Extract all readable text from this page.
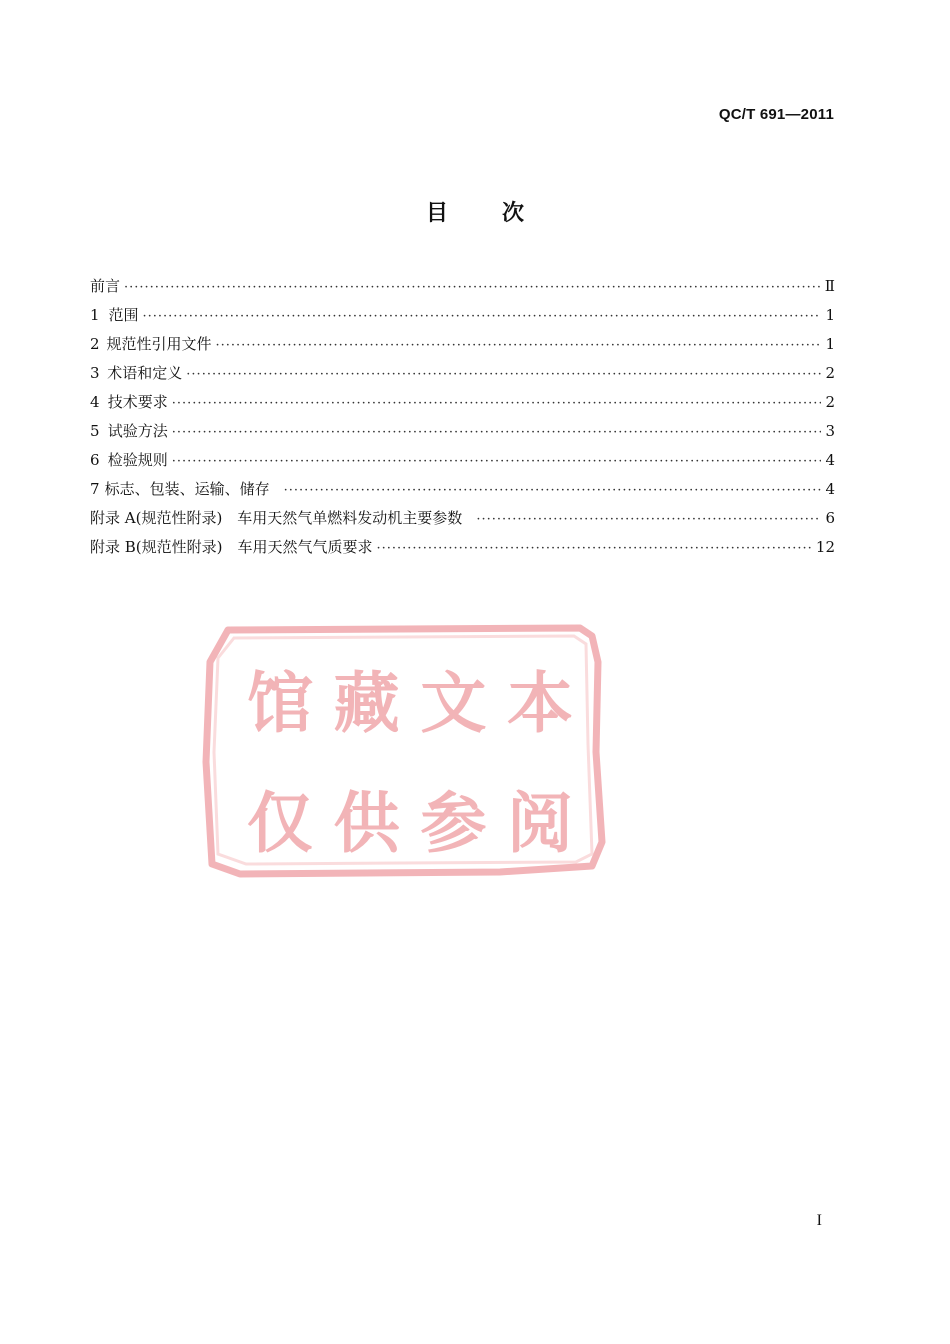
QC/T 691—2011
目 次
前言 ·····	Ⅱ
1 范围 ·····	1
2 规范性引用文件 ·····	1
3 术语和定义 ·····	2
4 技术要求 ·····	2
5 试验方法 ·····	3
6 检验规则 ·····	4
7 标志、包装、运输、储存 ·····	4
附录 A(规范性附录)　车用天然气单燃料发动机主要参数 ·····	6
附录 B(规范性附录)　车用天然气气质要求 ·····	12
馆 藏 文 本
仅 供 参 阅
I
